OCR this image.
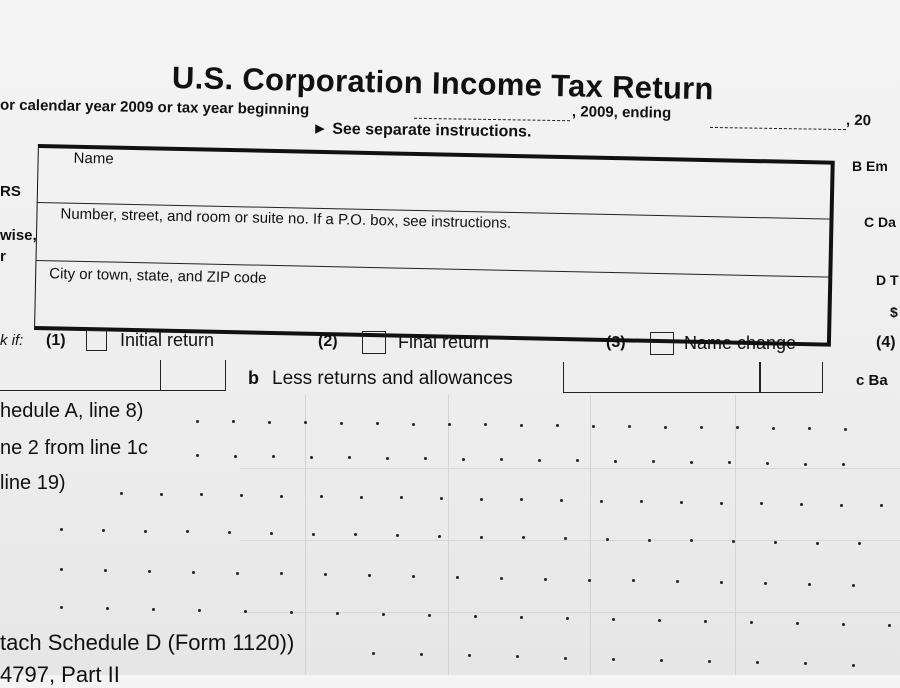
U.S. Corporation Income Tax Return
or calendar year 2009 or tax year beginning	, 2009, ending	, 20
► See separate instructions.
RS
wise,
r
Name
Number, street, and room or suite no. If a P.O. box, see instructions.
City or town, state, and ZIP code
B Em
C Da
D T
$
k if: (1)	Initial return	(2)	Final return	(3)	Name change	(4)
b Less returns and allowances	c Ba
hedule A, line 8)
ne 2 from line 1c
line 19)
tach Schedule D (Form 1120))
4797, Part II
